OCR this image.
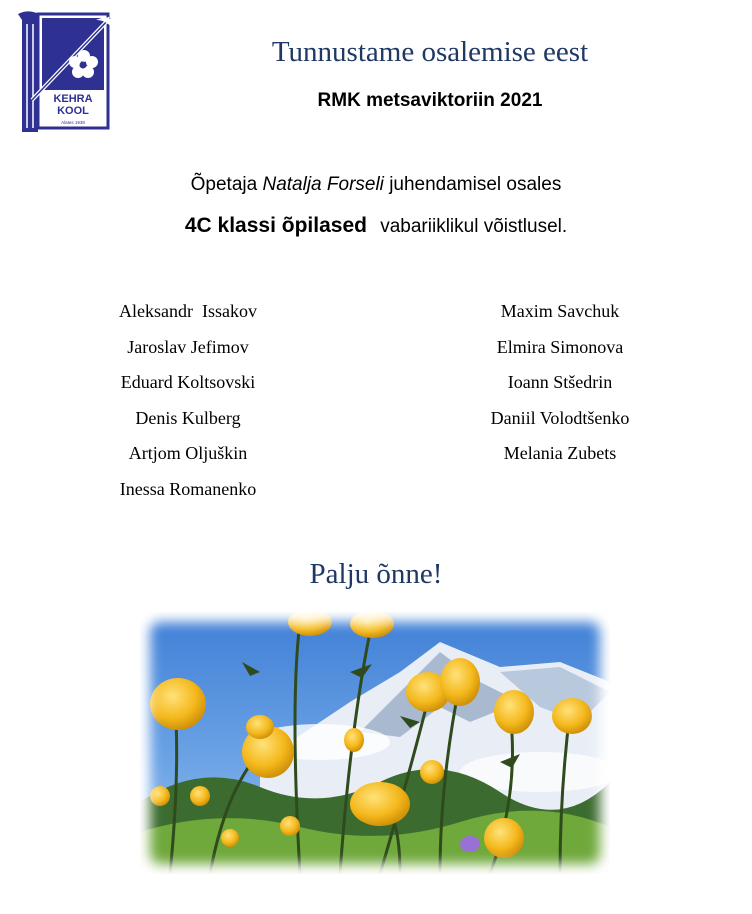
KEHRA
KOOL
Alates 1938
Tunnustame osalemise eest
RMK metsaviktoriin 2021
Õpetaja Natalja Forseli juhendamisel osales
4C klassi õpilased vabariiklikul võistlusel.
Aleksandr  Issakov
Jaroslav Jefimov
Eduard Koltsovski
Denis Kulberg
Artjom Oljuškin
Inessa Romanenko
Maxim Savchuk
Elmira Simonova
Ioann Stšedrin
Daniil Volodtšenko
Melania Zubets
Palju õnne!
